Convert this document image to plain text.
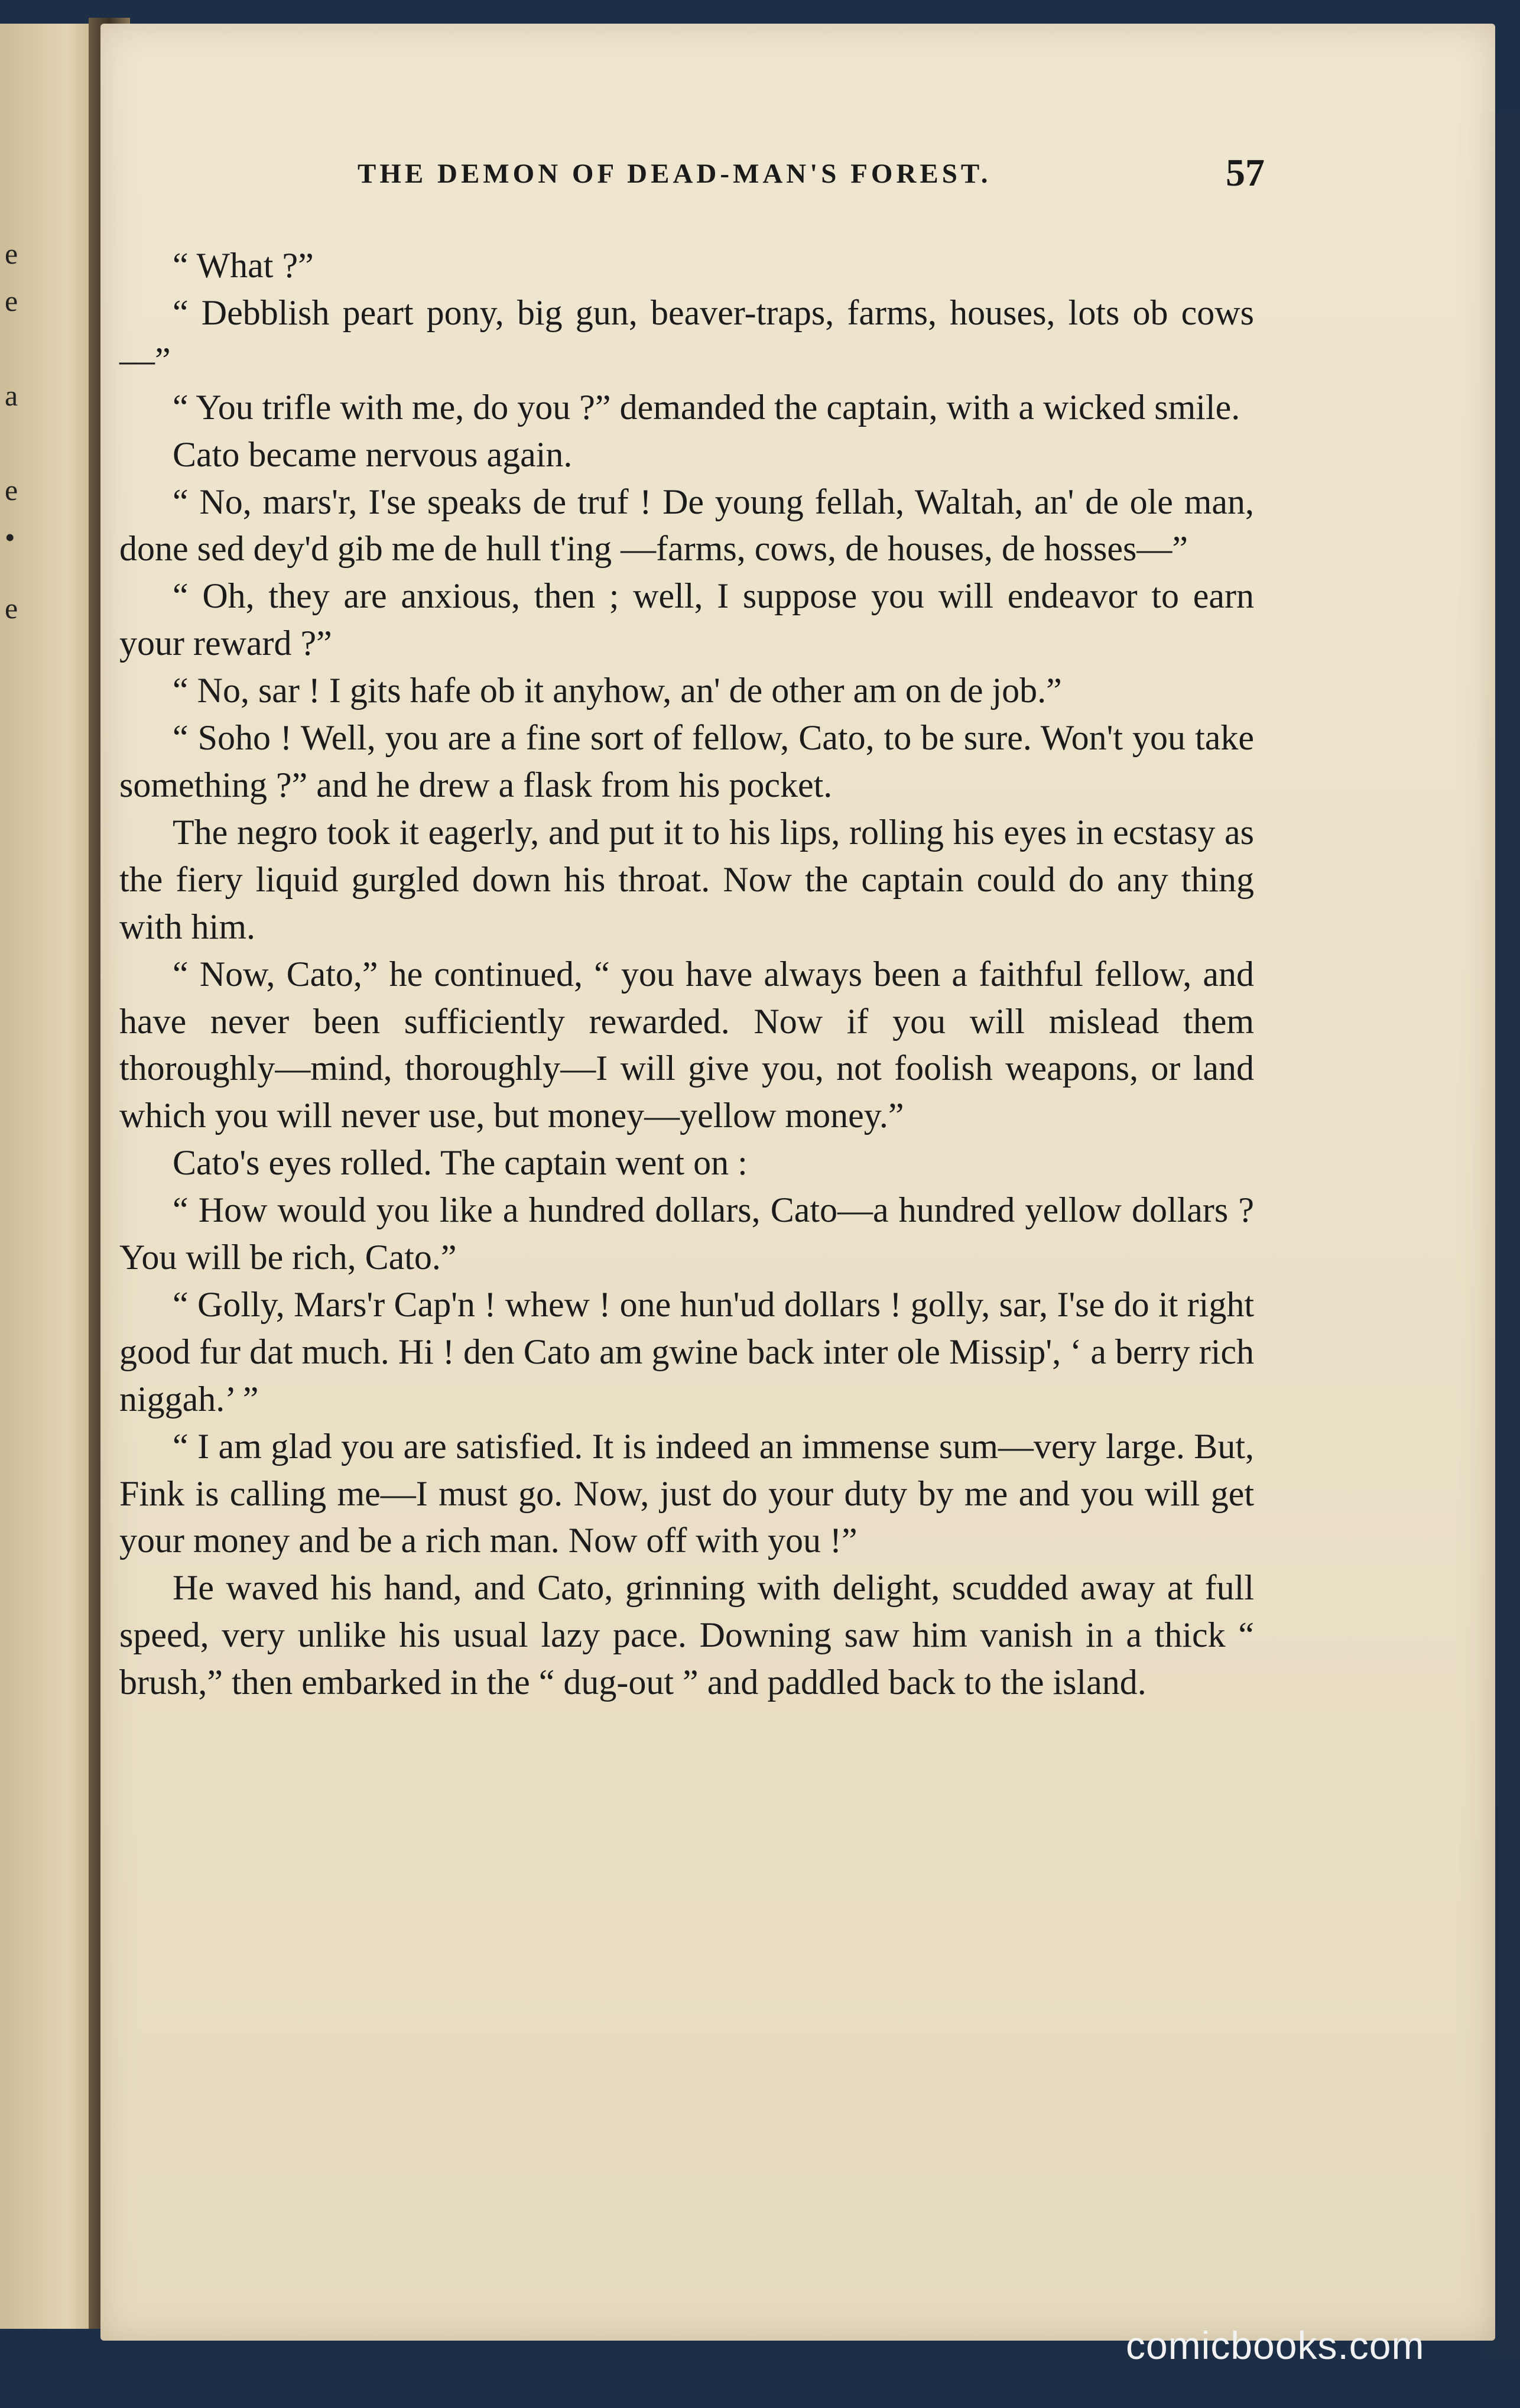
e
e
a
e
•
e
THE DEMON OF DEAD-MAN'S FOREST.	57

“ What ?”

“ Debblish peart pony, big gun, beaver-traps, farms, houses, lots ob cows—”

“ You trifle with me, do you ?” demanded the captain, with a wicked smile.

Cato became nervous again.

“ No, mars'r, I'se speaks de truf ! De young fellah, Waltah, an' de ole man, done sed dey'd gib me de hull t'ing —farms, cows, de houses, de hosses—”

“ Oh, they are anxious, then ; well, I suppose you will endeavor to earn your reward ?”

“ No, sar ! I gits hafe ob it anyhow, an' de other am on de job.”

“ Soho ! Well, you are a fine sort of fellow, Cato, to be sure. Won't you take something ?” and he drew a flask from his pocket.

The negro took it eagerly, and put it to his lips, rolling his eyes in ecstasy as the fiery liquid gurgled down his throat. Now the captain could do any thing with him.

“ Now, Cato,” he continued, “ you have always been a faithful fellow, and have never been sufficiently rewarded. Now if you will mislead them thoroughly—mind, thoroughly—I will give you, not foolish weapons, or land which you will never use, but money—yellow money.”

Cato's eyes rolled. The captain went on :

“ How would you like a hundred dollars, Cato—a hundred yellow dollars ? You will be rich, Cato.”

“ Golly, Mars'r Cap'n ! whew ! one hun'ud dollars ! golly, sar, I'se do it right good fur dat much. Hi ! den Cato am gwine back inter ole Missip', ‘ a berry rich niggah.’ ”

“ I am glad you are satisfied. It is indeed an immense sum—very large. But, Fink is calling me—I must go. Now, just do your duty by me and you will get your money and be a rich man. Now off with you !”

He waved his hand, and Cato, grinning with delight, scudded away at full speed, very unlike his usual lazy pace. Downing saw him vanish in a thick “ brush,” then embarked in the “ dug-out ” and paddled back to the island.

comicbooks.com
